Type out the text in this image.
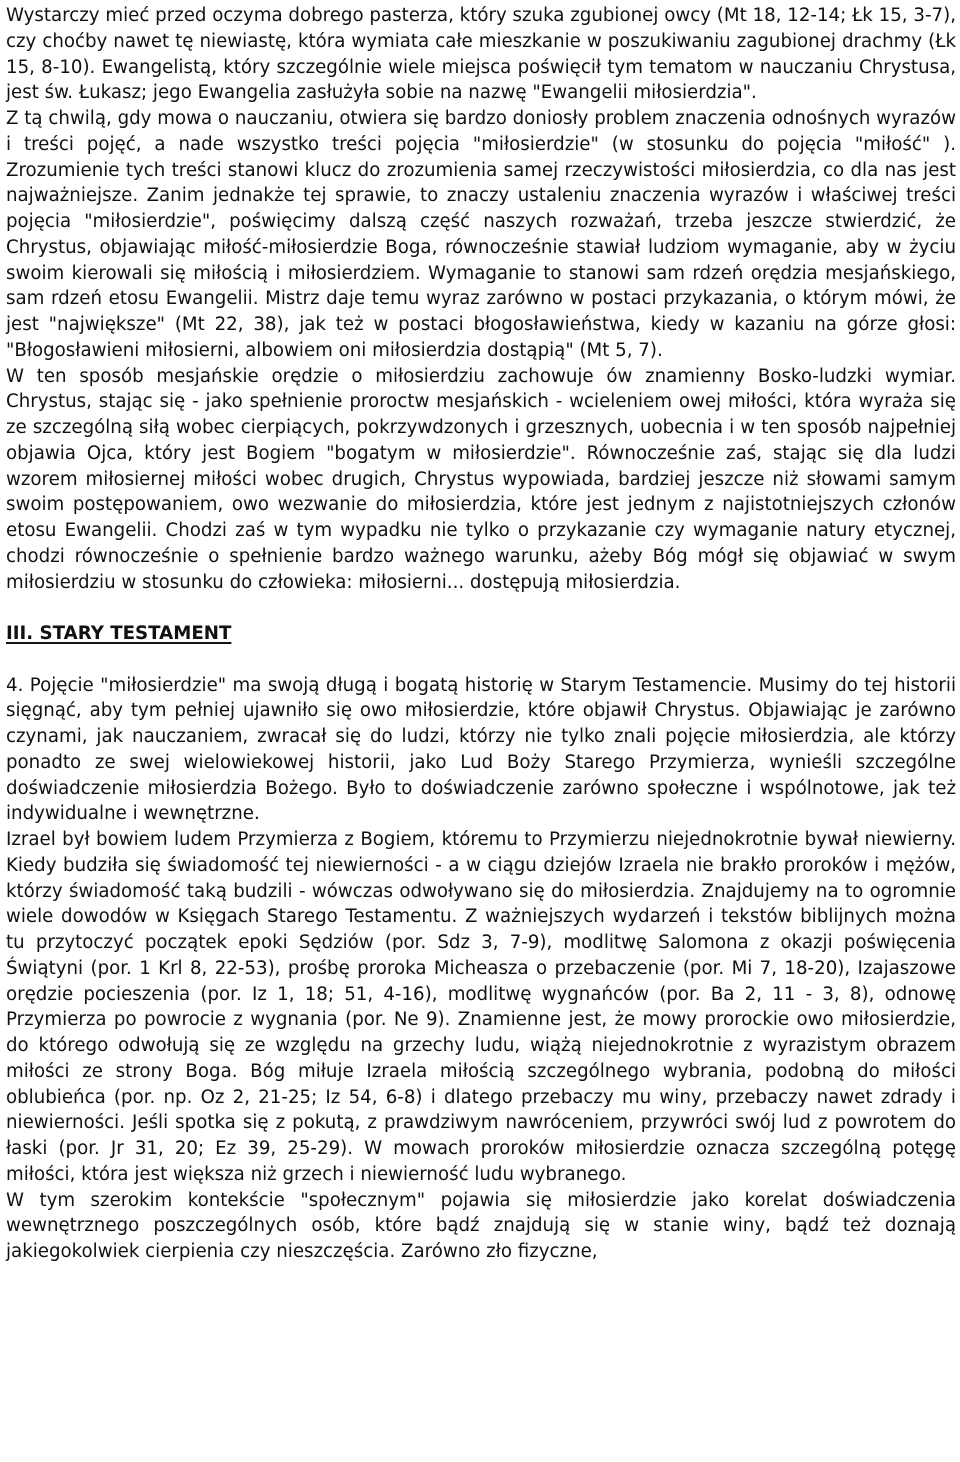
Wystarczy mieć przed oczyma dobrego pasterza, który szuka zgubionej owcy (Mt 18, 12-14; Łk 15, 3-7), czy choćby nawet tę niewiastę, która wymiata całe mieszkanie w poszukiwaniu zagubionej drachmy (Łk 15, 8-10). Ewangelistą, który szczególnie wiele miejsca poświęcił tym tematom w nauczaniu Chrystusa, jest św. Łukasz; jego Ewangelia zasłużyła sobie na nazwę "Ewangelii miłosierdzia".

Z tą chwilą, gdy mowa o nauczaniu, otwiera się bardzo doniosły problem znaczenia odnośnych wyrazów i treści pojęć, a nade wszystko treści pojęcia "miłosierdzie" (w stosunku do pojęcia "miłość" ). Zrozumienie tych treści stanowi klucz do zrozumienia samej rzeczywistości miłosierdzia, co dla nas jest najważniejsze. Zanim jednakże tej sprawie, to znaczy ustaleniu znaczenia wyrazów i właściwej treści pojęcia "miłosierdzie", poświęcimy dalszą część naszych rozważań, trzeba jeszcze stwierdzić, że Chrystus, objawiając miłość-miłosierdzie Boga, równocześnie stawiał ludziom wymaganie, aby w życiu swoim kierowali się miłością i miłosierdziem. Wymaganie to stanowi sam rdzeń orędzia mesjańskiego, sam rdzeń etosu Ewangelii. Mistrz daje temu wyraz zarówno w postaci przykazania, o którym mówi, że jest "największe" (Mt 22, 38), jak też w postaci błogosławieństwa, kiedy w kazaniu na górze głosi: "Błogosławieni miłosierni, albowiem oni miłosierdzia dostąpią" (Mt 5, 7).

W ten sposób mesjańskie orędzie o miłosierdziu zachowuje ów znamienny Bosko-ludzki wymiar. Chrystus, stając się - jako spełnienie proroctw mesjańskich - wcieleniem owej miłości, która wyraża się ze szczególną siłą wobec cierpiących, pokrzywdzonych i grzesznych, uobecnia i w ten sposób najpełniej objawia Ojca, który jest Bogiem "bogatym w miłosierdzie". Równocześnie zaś, stając się dla ludzi wzorem miłosiernej miłości wobec drugich, Chrystus wypowiada, bardziej jeszcze niż słowami samym swoim postępowaniem, owo wezwanie do miłosierdzia, które jest jednym z najistotniejszych członów etosu Ewangelii. Chodzi zaś w tym wypadku nie tylko o przykazanie czy wymaganie natury etycznej, chodzi równocześnie o spełnienie bardzo ważnego warunku, ażeby Bóg mógł się objawiać w swym miłosierdziu w stosunku do człowieka: miłosierni... dostępują miłosierdzia.

III. STARY TESTAMENT

4. Pojęcie "miłosierdzie" ma swoją długą i bogatą historię w Starym Testamencie. Musimy do tej historii sięgnąć, aby tym pełniej ujawniło się owo miłosierdzie, które objawił Chrystus. Objawiając je zarówno czynami, jak nauczaniem, zwracał się do ludzi, którzy nie tylko znali pojęcie miłosierdzia, ale którzy ponadto ze swej wielowiekowej historii, jako Lud Boży Starego Przymierza, wynieśli szczególne doświadczenie miłosierdzia Bożego. Było to doświadczenie zarówno społeczne i wspólnotowe, jak też indywidualne i wewnętrzne.

Izrael był bowiem ludem Przymierza z Bogiem, któremu to Przymierzu niejednokrotnie bywał niewierny. Kiedy budziła się świadomość tej niewierności - a w ciągu dziejów Izraela nie brakło proroków i mężów, którzy świadomość taką budzili - wówczas odwoływano się do miłosierdzia. Znajdujemy na to ogromnie wiele dowodów w Księgach Starego Testamentu. Z ważniejszych wydarzeń i tekstów biblijnych można tu przytoczyć początek epoki Sędziów (por. Sdz 3, 7-9), modlitwę Salomona z okazji poświęcenia Świątyni (por. 1 Krl 8, 22-53), prośbę proroka Micheasza o przebaczenie (por. Mi 7, 18-20), Izajaszowe orędzie pocieszenia (por. Iz 1, 18; 51, 4-16), modlitwę wygnańców (por. Ba 2, 11 - 3, 8), odnowę Przymierza po powrocie z wygnania (por. Ne 9). Znamienne jest, że mowy prorockie owo miłosierdzie, do którego odwołują się ze względu na grzechy ludu, wiążą niejednokrotnie z wyrazistym obrazem miłości ze strony Boga. Bóg miłuje Izraela miłością szczególnego wybrania, podobną do miłości oblubieńca (por. np. Oz 2, 21-25; Iz 54, 6-8) i dlatego przebaczy mu winy, przebaczy nawet zdrady i niewierności. Jeśli spotka się z pokutą, z prawdziwym nawróceniem, przywróci swój lud z powrotem do łaski (por. Jr 31, 20; Ez 39, 25-29). W mowach proroków miłosierdzie oznacza szczególną potęgę miłości, która jest większa niż grzech i niewierność ludu wybranego.

W tym szerokim kontekście "społecznym" pojawia się miłosierdzie jako korelat doświadczenia wewnętrznego poszczególnych osób, które bądź znajdują się w stanie winy, bądź też doznają jakiegokolwiek cierpienia czy nieszczęścia. Zarówno zło fizyczne,
